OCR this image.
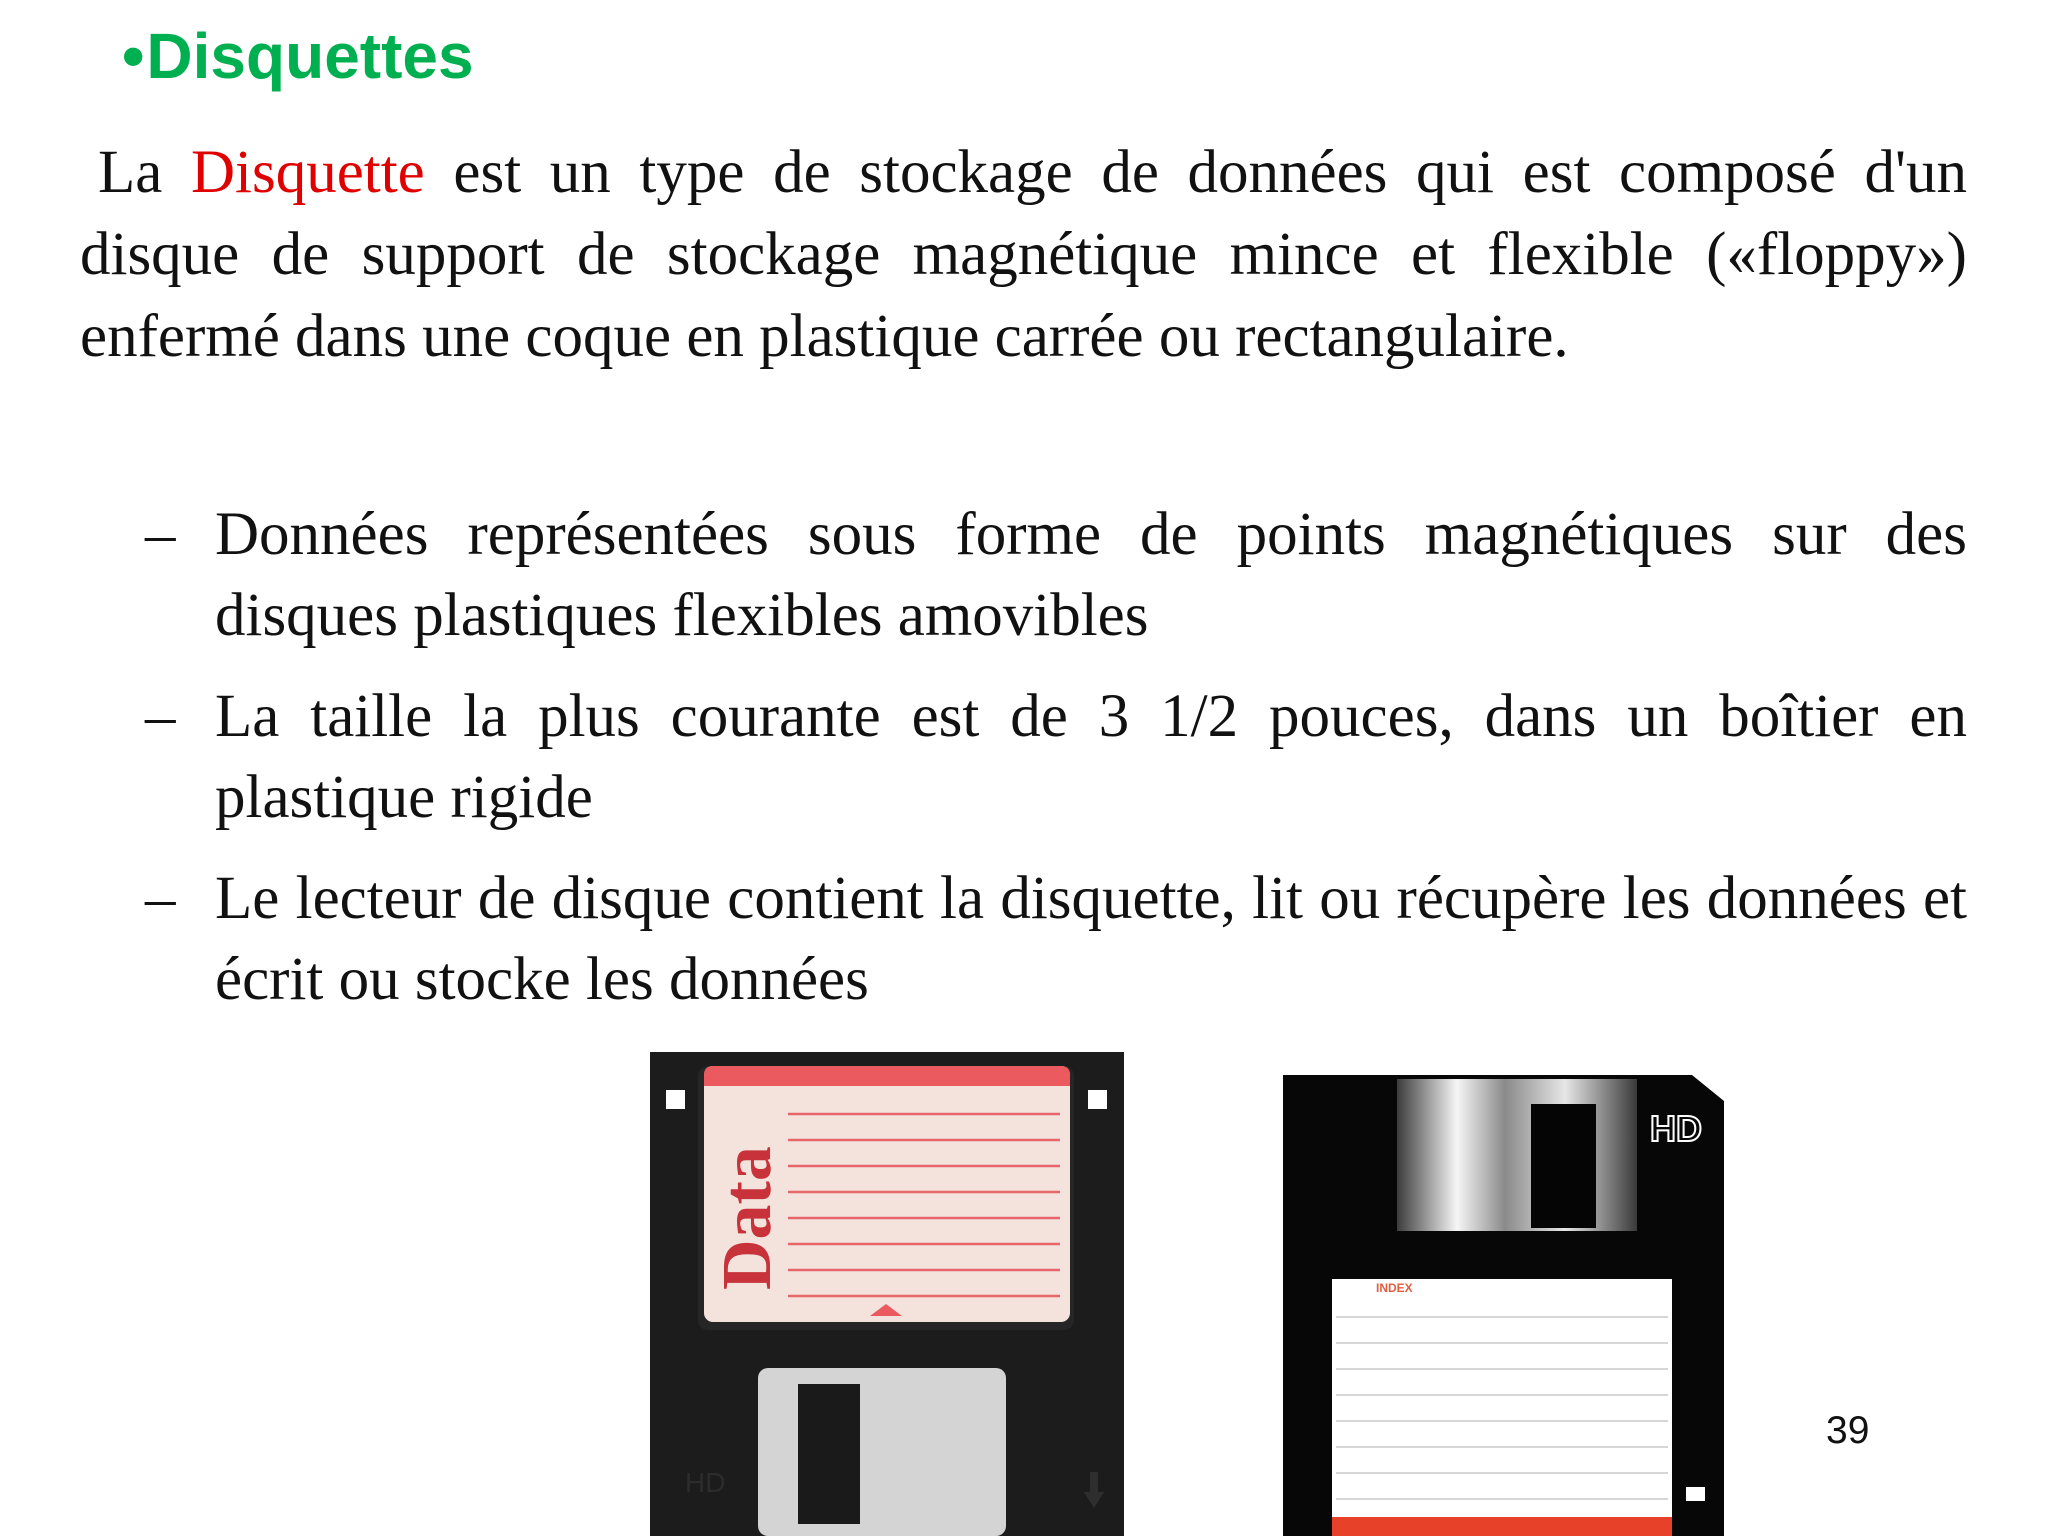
•Disquettes
La Disquette est un type de stockage de données qui est composé d'un disque de support de stockage magnétique mince et flexible («floppy») enfermé dans une coque en plastique carrée ou rectangulaire.
– Données représentées sous forme de points magnétiques sur des disques plastiques flexibles amovibles
– La taille la plus courante est de 3 1/2 pouces, dans un boîtier en plastique rigide
– Le lecteur de disque contient la disquette, lit ou récupère les données et écrit ou stocke les données
Data
HD
HD
INDEX
39
